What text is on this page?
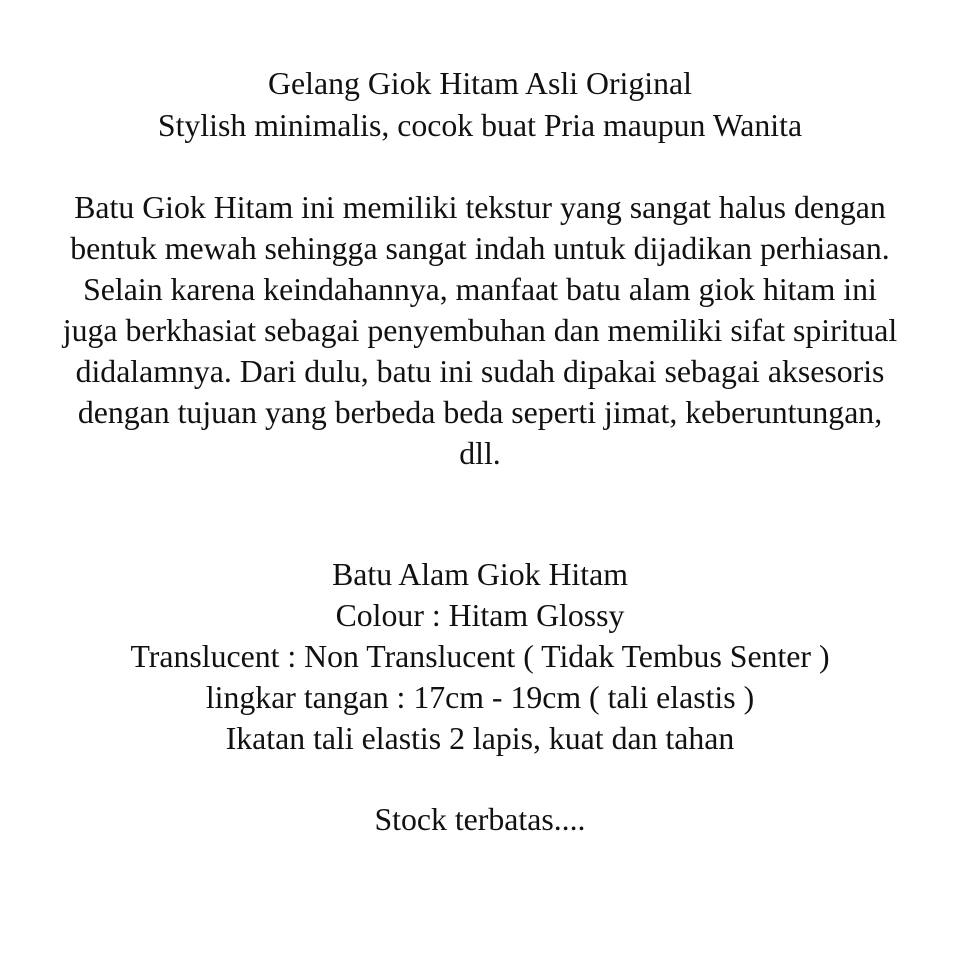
Gelang Giok Hitam Asli Original
Stylish minimalis, cocok buat Pria maupun Wanita
Batu Giok Hitam ini memiliki tekstur yang sangat halus dengan
bentuk mewah sehingga sangat indah untuk dijadikan perhiasan.
Selain karena keindahannya, manfaat batu alam giok hitam ini
juga berkhasiat sebagai penyembuhan dan memiliki sifat spiritual
didalamnya. Dari dulu, batu ini sudah dipakai sebagai aksesoris
dengan tujuan yang berbeda beda seperti jimat, keberuntungan,
dll.
Batu Alam Giok Hitam
Colour : Hitam Glossy
Translucent : Non Translucent ( Tidak Tembus Senter )
lingkar tangan : 17cm - 19cm ( tali elastis )
Ikatan tali elastis 2 lapis, kuat dan tahan
Stock terbatas....
